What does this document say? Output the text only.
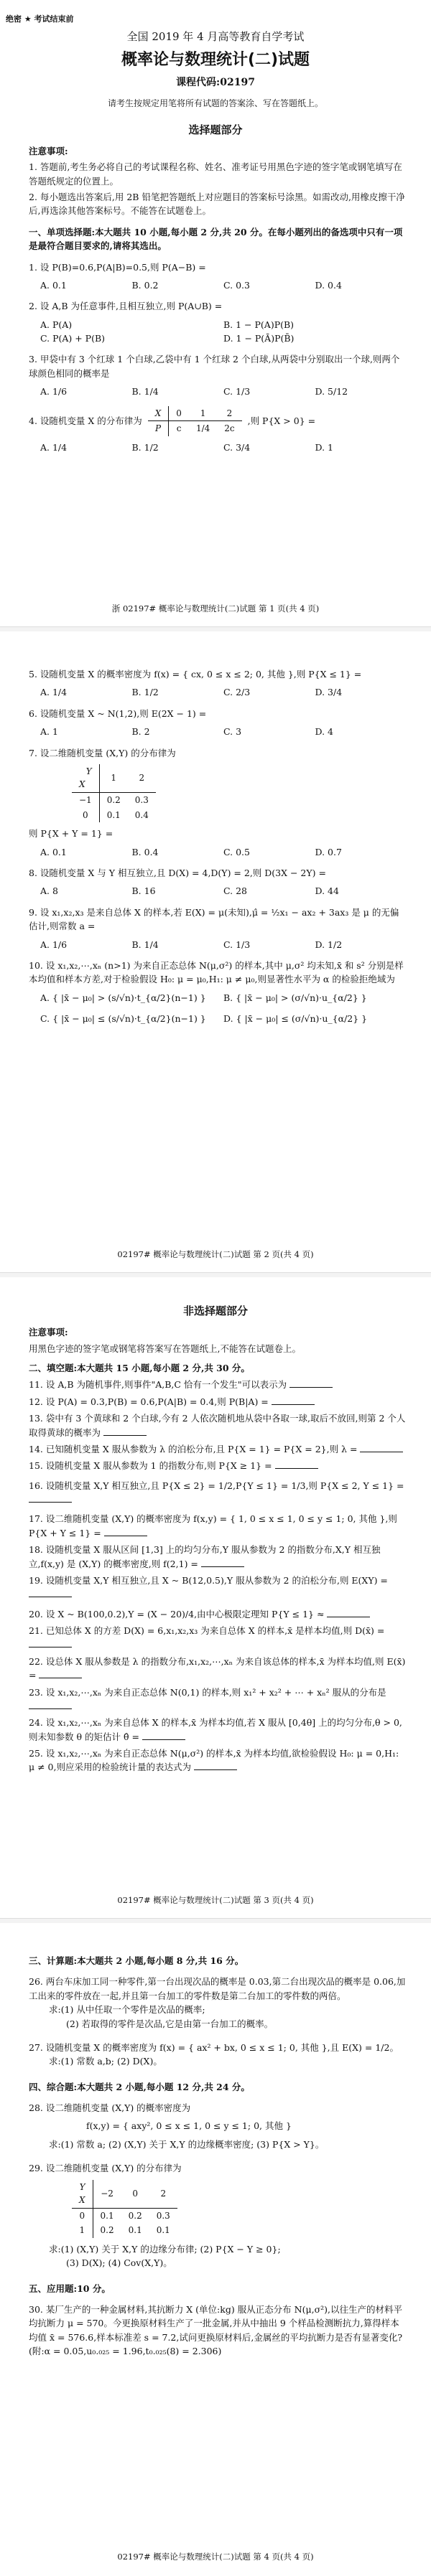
绝密 ★ 考试结束前
全国 2019 年 4 月高等教育自学考试
概率论与数理统计(二)试题
课程代码:02197
请考生按规定用笔将所有试题的答案涂、写在答题纸上。
选择题部分
注意事项:
1. 答题前,考生务必将自己的考试课程名称、姓名、准考证号用黑色字迹的签字笔或钢笔填写在答题纸规定的位置上。
2. 每小题选出答案后,用 2B 铅笔把答题纸上对应题目的答案标号涂黑。如需改动,用橡皮擦干净后,再选涂其他答案标号。不能答在试题卷上。
一、单项选择题:本大题共 10 小题,每小题 2 分,共 20 分。在每小题列出的备选项中只有一项是最符合题目要求的,请将其选出。
1. 设 P(B)=0.6,P(A|B)=0.5,则 P(A−B) =
A. 0.1	B. 0.2	C. 0.3	D. 0.4
2. 设 A,B 为任意事件,且相互独立,则 P(A∪B) =
A. P(A)	B. 1 − P(A)P(B)
C. P(A) + P(B)	D. 1 − P(Ā)P(B̄)
3. 甲袋中有 3 个红球 1 个白球,乙袋中有 1 个红球 2 个白球,从两袋中分别取出一个球,则两个球颜色相同的概率是
A. 1/6	B. 1/4	C. 1/3	D. 5/12
4. 设随机变量 X 的分布律为
X	0	1	2
P	c	1/4	2c
,则 P{X > 0} =
A. 1/4	B. 1/2	C. 3/4	D. 1
浙 02197# 概率论与数理统计(二)试题 第 1 页(共 4 页)
5. 设随机变量 X 的概率密度为 f(x) = { cx, 0 ≤ x ≤ 2; 0, 其他 },则 P{X ≤ 1} =
A. 1/4	B. 1/2	C. 2/3	D. 3/4
6. 设随机变量 X ~ N(1,2),则 E(2X − 1) =
A. 1	B. 2	C. 3	D. 4
7. 设二维随机变量 (X,Y) 的分布律为
Y

X	1	2
−1	0.2	0.3
0	0.1	0.4
则 P{X + Y = 1} =
A. 0.1	B. 0.4	C. 0.5	D. 0.7
8. 设随机变量 X 与 Y 相互独立,且 D(X) = 4,D(Y) = 2,则 D(3X − 2Y) =
A. 8	B. 16	C. 28	D. 44
9. 设 x₁,x₂,x₃ 是来自总体 X 的样本,若 E(X) = μ(未知),μ̂ = ½x₁ − ax₂ + 3ax₃ 是 μ 的无偏估计,则常数 a =
A. 1/6	B. 1/4	C. 1/3	D. 1/2
10. 设 x₁,x₂,⋯,xₙ (n>1) 为来自正态总体 N(μ,σ²) 的样本,其中 μ,σ² 均未知,x̄ 和 s² 分别是样本均值和样本方差,对于检验假设 H₀: μ = μ₀,H₁: μ ≠ μ₀,则显著性水平为 α 的检验拒绝域为
A. { |x̄ − μ₀| > (s/√n)·t_{α/2}(n−1) }	B. { |x̄ − μ₀| > (σ/√n)·u_{α/2} }
C. { |x̄ − μ₀| ≤ (s/√n)·t_{α/2}(n−1) }	D. { |x̄ − μ₀| ≤ (σ/√n)·u_{α/2} }
02197# 概率论与数理统计(二)试题 第 2 页(共 4 页)
非选择题部分
注意事项:
用黑色字迹的签字笔或钢笔将答案写在答题纸上,不能答在试题卷上。
二、填空题:本大题共 15 小题,每小题 2 分,共 30 分。
11. 设 A,B 为随机事件,则事件"A,B,C 恰有一个发生"可以表示为
12. 设 P(A) = 0.3,P(B) = 0.6,P(A|B) = 0.4,则 P(B|A) =
13. 袋中有 3 个黄球和 2 个白球,今有 2 人依次随机地从袋中各取一球,取后不放回,则第 2 个人取得黄球的概率为
14. 已知随机变量 X 服从参数为 λ 的泊松分布,且 P{X = 1} = P{X = 2},则 λ =
15. 设随机变量 X 服从参数为 1 的指数分布,则 P{X ≥ 1} =
16. 设随机变量 X,Y 相互独立,且 P{X ≤ 2} = 1/2,P{Y ≤ 1} = 1/3,则 P{X ≤ 2, Y ≤ 1} =
17. 设二维随机变量 (X,Y) 的概率密度为 f(x,y) = { 1, 0 ≤ x ≤ 1, 0 ≤ y ≤ 1; 0, 其他 },则 P{X + Y ≤ 1} =
18. 设随机变量 X 服从区间 [1,3] 上的均匀分布,Y 服从参数为 2 的指数分布,X,Y 相互独立,f(x,y) 是 (X,Y) 的概率密度,则 f(2,1) =
19. 设随机变量 X,Y 相互独立,且 X ~ B(12,0.5),Y 服从参数为 2 的泊松分布,则 E(XY) =
20. 设 X ~ B(100,0.2),Y = (X − 20)/4,由中心极限定理知 P{Y ≤ 1} ≈
21. 已知总体 X 的方差 D(X) = 6,x₁,x₂,x₃ 为来自总体 X 的样本,x̄ 是样本均值,则 D(x̄) =
22. 设总体 X 服从参数是 λ 的指数分布,x₁,x₂,⋯,xₙ 为来自该总体的样本,x̄ 为样本均值,则 E(x̄) =
23. 设 x₁,x₂,⋯,xₙ 为来自正态总体 N(0,1) 的样本,则 x₁² + x₂² + ⋯ + xₙ² 服从的分布是
24. 设 x₁,x₂,⋯,xₙ 为来自总体 X 的样本,x̄ 为样本均值,若 X 服从 [0,4θ] 上的均匀分布,θ > 0,则未知参数 θ 的矩估计 θ̂ =
25. 设 x₁,x₂,⋯,xₙ 为来自正态总体 N(μ,σ²) 的样本,x̄ 为样本均值,欲检验假设 H₀: μ = 0,H₁: μ ≠ 0,则应采用的检验统计量的表达式为
02197# 概率论与数理统计(二)试题 第 3 页(共 4 页)
三、计算题:本大题共 2 小题,每小题 8 分,共 16 分。
26. 两台车床加工同一种零件,第一台出现次品的概率是 0.03,第二台出现次品的概率是 0.06,加工出来的零件放在一起,并且第一台加工的零件数是第二台加工的零件数的两倍。
求:(1) 从中任取一个零件是次品的概率;
(2) 若取得的零件是次品,它是由第一台加工的概率。
27. 设随机变量 X 的概率密度为 f(x) = { ax² + bx, 0 ≤ x ≤ 1; 0, 其他 },且 E(X) = 1/2。
求:(1) 常数 a,b; (2) D(X)。
四、综合题:本大题共 2 小题,每小题 12 分,共 24 分。
28. 设二维随机变量 (X,Y) 的概率密度为
f(x,y) = { axy², 0 ≤ x ≤ 1, 0 ≤ y ≤ 1; 0, 其他 }
求:(1) 常数 a; (2) (X,Y) 关于 X,Y 的边缘概率密度; (3) P{X > Y}。
29. 设二维随机变量 (X,Y) 的分布律为
Y

X	−2	0	2
0	0.1	0.2	0.3
1	0.2	0.1	0.1
求:(1) (X,Y) 关于 X,Y 的边缘分布律; (2) P{X − Y ≥ 0};
(3) D(X); (4) Cov(X,Y)。
五、应用题:10 分。
30. 某厂生产的一种金属材料,其抗断力 X (单位:kg) 服从正态分布 N(μ,σ²),以往生产的材料平均抗断力 μ = 570。今更换原材料生产了一批金属,并从中抽出 9 个样品检测断抗力,算得样本均值 x̄ = 576.6,样本标准差 s = 7.2,试问更换原材料后,金属丝的平均抗断力是否有显著变化?(附:α = 0.05,u₀.₀₂₅ = 1.96,t₀.₀₂₅(8) = 2.306)
02197# 概率论与数理统计(二)试题 第 4 页(共 4 页)
